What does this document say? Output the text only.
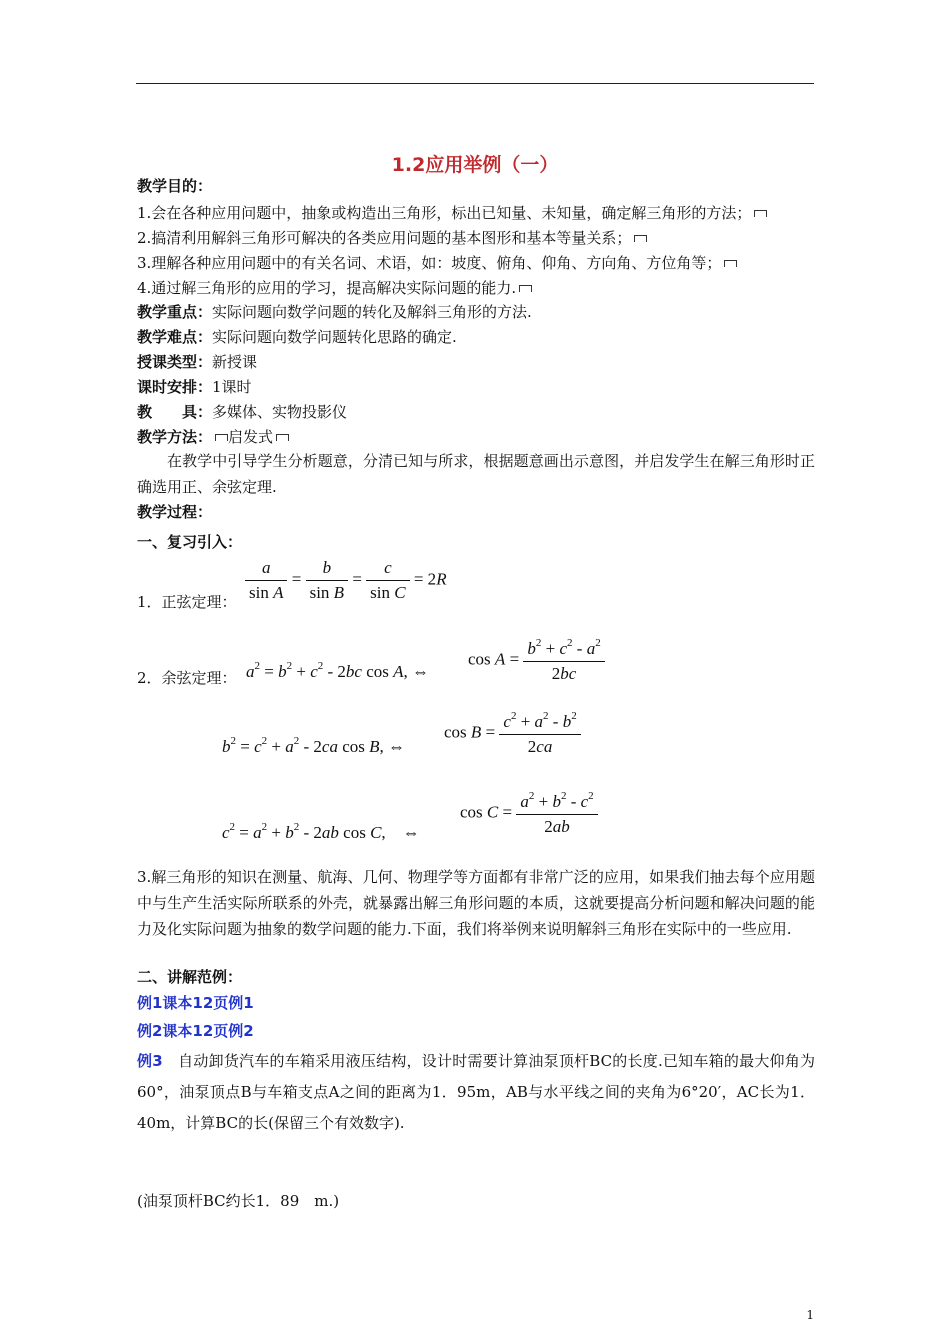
1.2应用举例（一）
教学目的：
1.会在各种应用问题中，抽象或构造出三角形，标出已知量、未知量，确定解三角形的方法；
2.搞清利用解斜三角形可解决的各类应用问题的基本图形和基本等量关系；
3.理解各种应用问题中的有关名词、术语，如：坡度、俯角、仰角、方向角、方位角等；
4.通过解三角形的应用的学习，提高解决实际问题的能力.
教学重点：实际问题向数学问题的转化及解斜三角形的方法.
教学难点：实际问题向数学问题转化思路的确定.
授课类型：新授课
课时安排：1课时
教　　具：多媒体、实物投影仪
教学方法： 启发式
在教学中引导学生分析题意，分清已知与所求，根据题意画出示意图，并启发学生在解三角形时正确选用正、余弦定理.
教学过程：
一、复习引入：
1．正弦定理： $\frac{a}{\text{sin A}} = \frac{b}{\text{sin B}} = \frac{c}{\text{sin C}} = 2R$
2．余弦定理： $a^2 = b^2 + c^2 - 2bc$ cos A, ⇔
$\cos A = \frac{b^2 + c^2 - a^2}{2bc}$
$b^2 = c^2 + a^2 - 2ca$ cos B, ⇔
$\cos B = \frac{c^2 + a^2 - b^2}{2ca}$
$c^2 = a^2 + b^2 - 2ab$ cos C,　 ⇔
$\cos C = \frac{a^2 + b^2 - c^2}{2ab}$
3.解三角形的知识在测量、航海、几何、物理学等方面都有非常广泛的应用，如果我们抽去每个应用题中与生产生活实际所联系的外壳，就暴露出解三角形问题的本质，这就要提高分析问题和解决问题的能力及化实际问题为抽象的数学问题的能力.下面，我们将举例来说明解斜三角形在实际中的一些应用.
二、讲解范例：
例1课本12页例1
例2课本12页例2
例3　 自动卸货汽车的车箱采用液压结构，设计时需要计算油泵顶杆BC的长度.已知车箱的最大仰角为60°，油泵顶点B与车箱支点A之间的距离为1．95m，AB与水平线之间的夹角为6°20′，AC长为1．40m，计算BC的长(保留三个有效数字).
(油泵顶杆BC约长1．89　m.)
1
